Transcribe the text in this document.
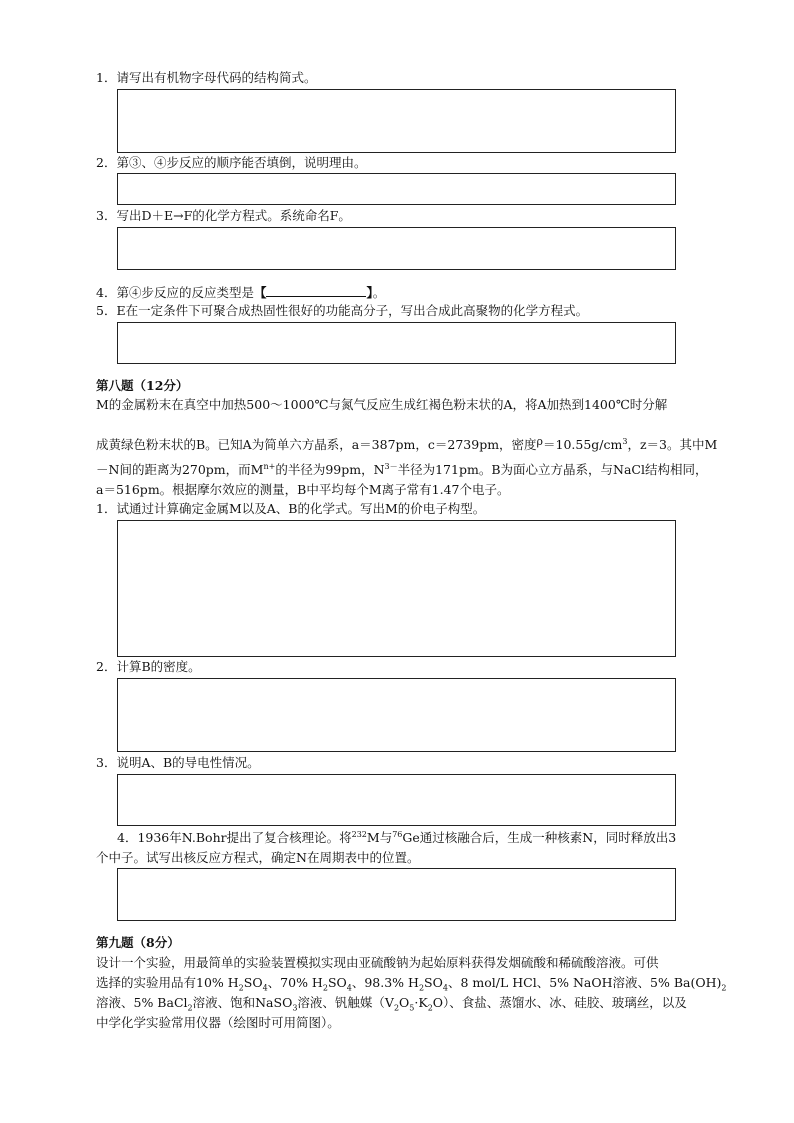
1．请写出有机物字母代码的结构简式。
2．第③、④步反应的顺序能否填倒，说明理由。
3．写出D＋E→F的化学方程式。系统命名F。
4．第④步反应的反应类型是【	】。
5．E在一定条件下可聚合成热固性很好的功能高分子，写出合成此高聚物的化学方程式。
第八题（12分）
M的金属粉末在真空中加热500～1000℃与氮气反应生成红褐色粉末状的A，将A加热到1400℃时分解
成黄绿色粉末状的B。已知A为简单六方晶系，a＝387pm，c＝2739pm，密度$\rho=10.55g/cm^3$，z＝3。其中M
－N间的距离为270pm，而$M^{n+}$的半径为99pm，$N^{3-}$半径为171pm。B为面心立方晶系，与NaCl结构相同，
a＝516pm。根据摩尔效应的测量，B中平均每个M离子常有1.47个电子。
1．试通过计算确定金属M以及A、B的化学式。写出M的价电子构型。
2．计算B的密度。
3．说明A、B的导电性情况。
4．1936年N.Bohr提出了复合核理论。将$^{232}$M与$^{76}$Ge通过核融合后，生成一种核素N，同时释放出3
个中子。试写出核反应方程式，确定N在周期表中的位置。
第九题（8分）
设计一个实验，用最简单的实验装置模拟实现由亚硫酸钠为起始原料获得发烟硫酸和稀硫酸溶液。可供
选择的实验用品有10% $H_2SO_4$、70% $H_2SO_4$、98.3% $H_2SO_4$、8 mol/L HCl、5% NaOH溶液、5% $Ba(OH)_2$
溶液、5% BaCl$_2$溶液、饱和NaSO$_3$溶液、钒触媒$(V_2O_5\cdot K_2O)$、食盐、蒸馏水、冰、硅胶、玻璃丝，以及
中学化学实验常用仪器（绘图时可用简图）。
